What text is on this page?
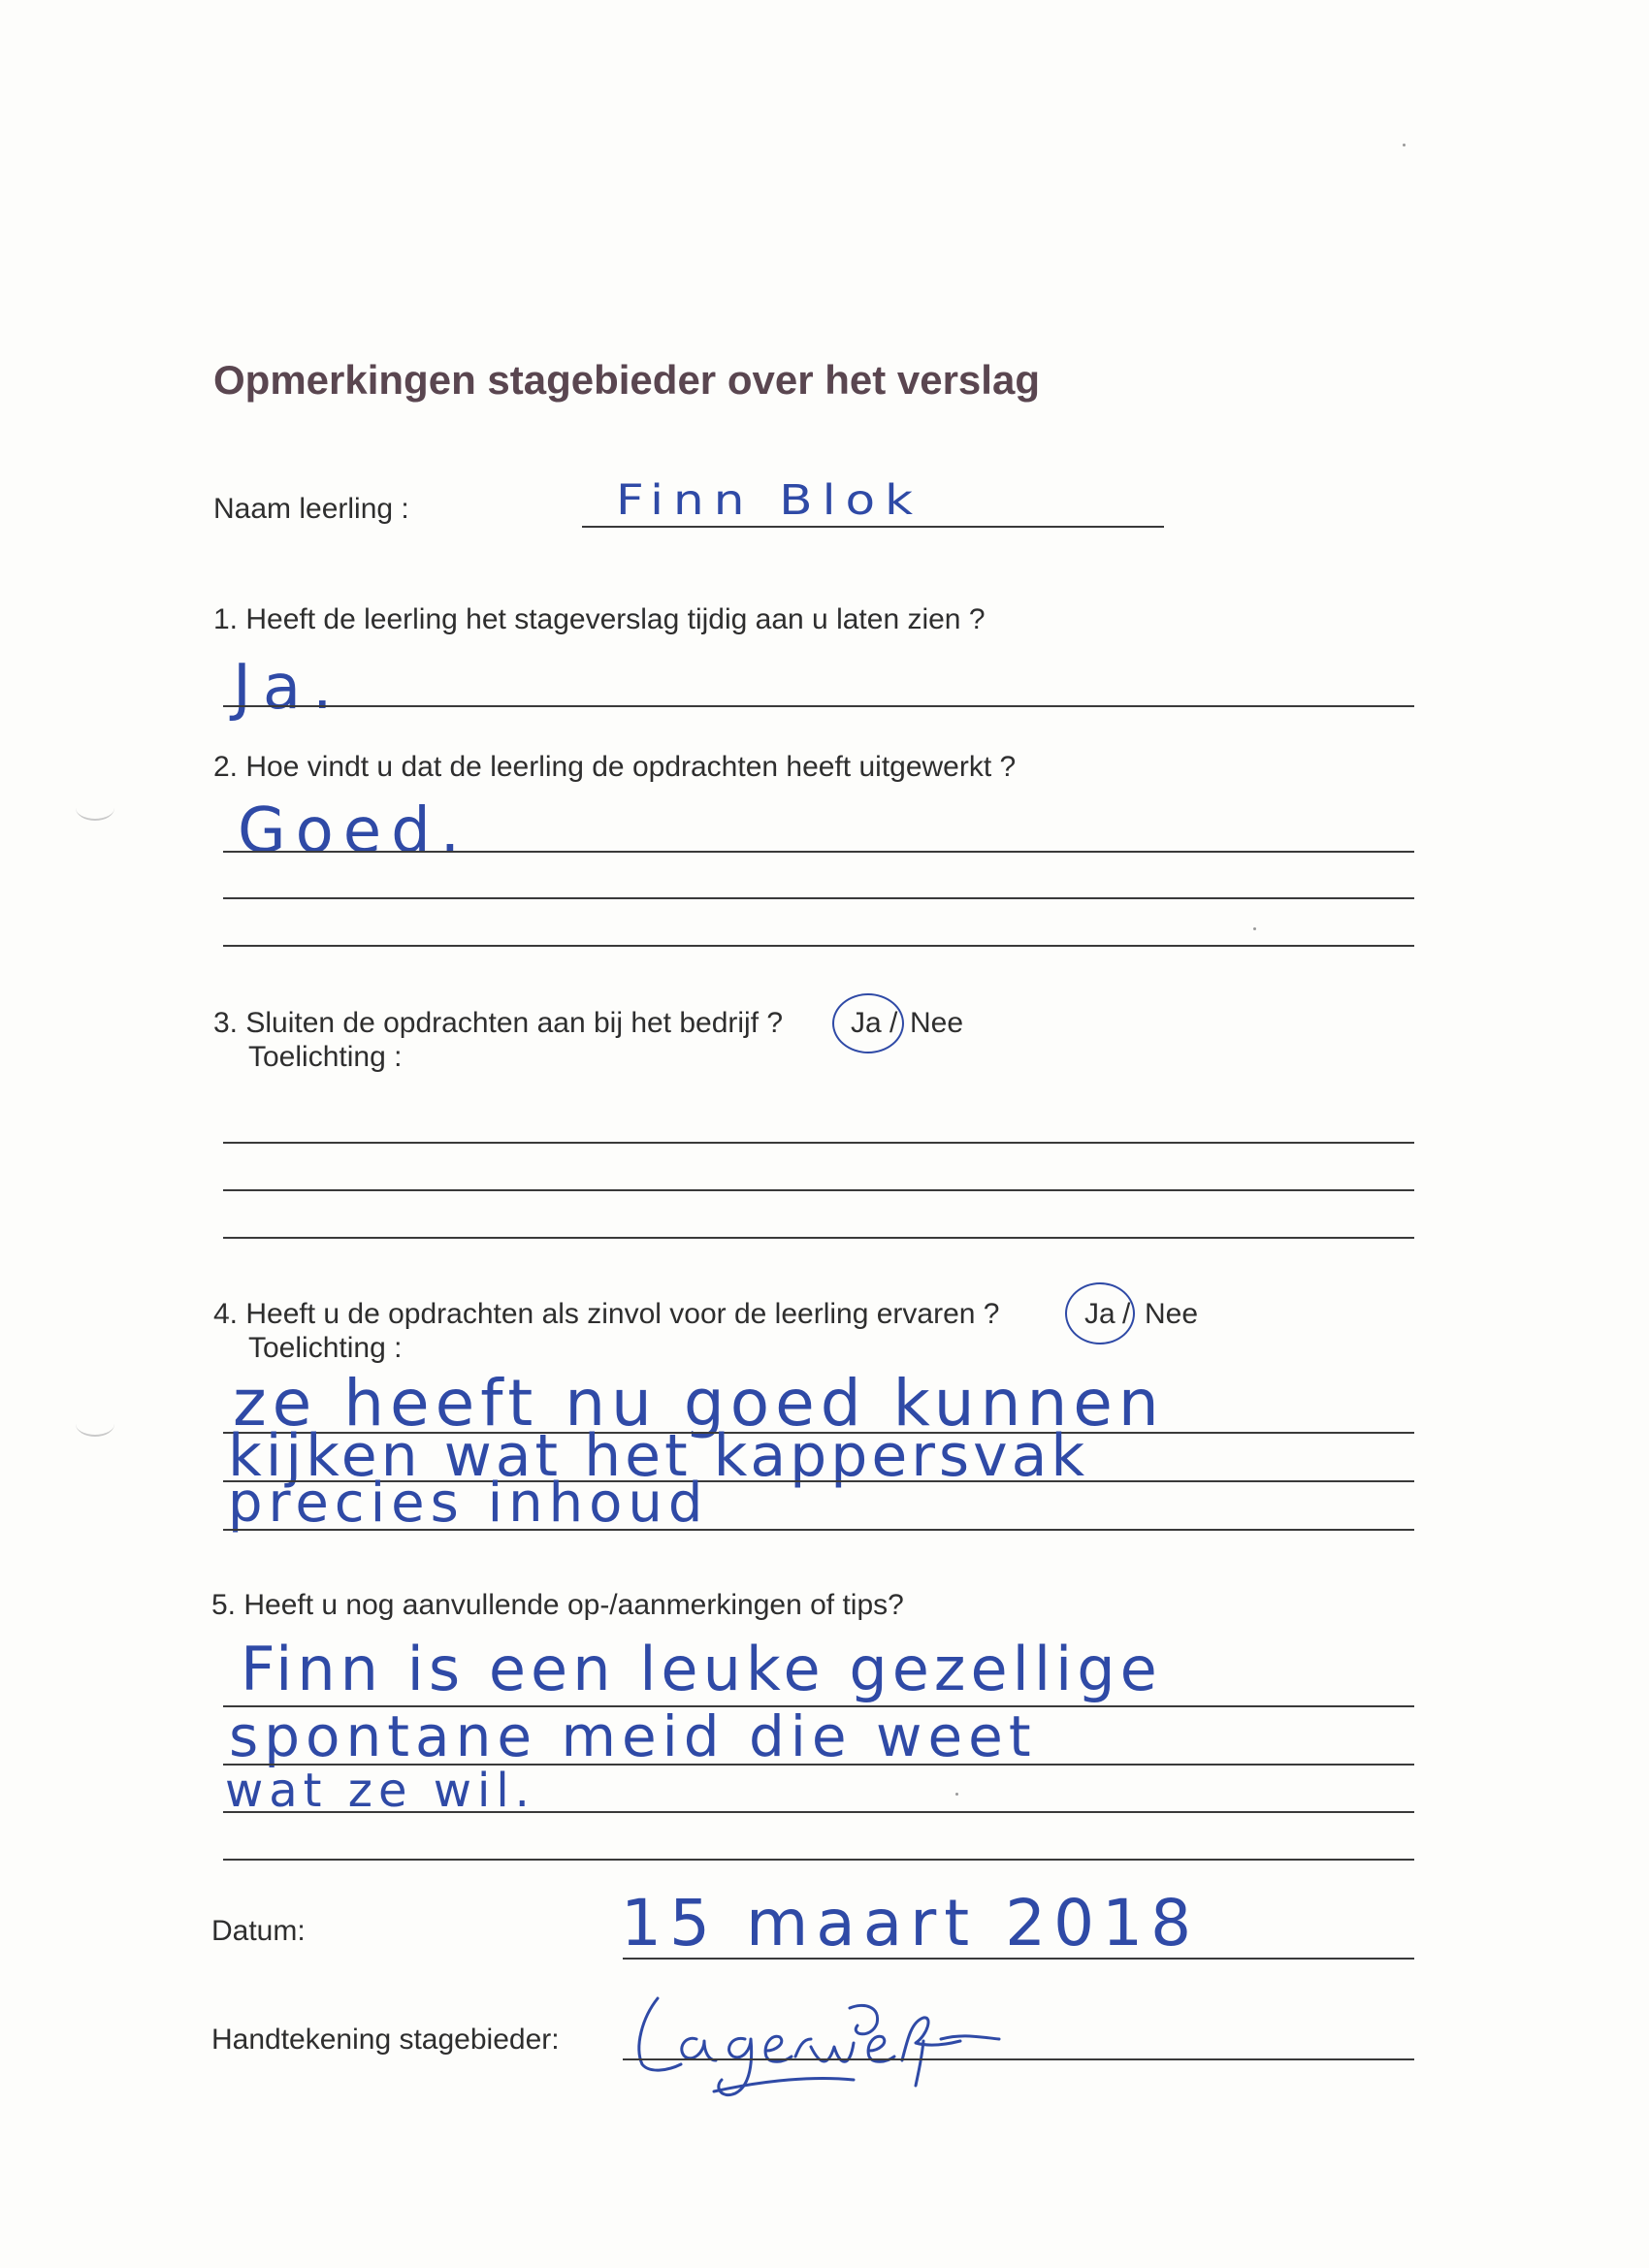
Opmerkingen stagebieder over het verslag
Naam leerling :	Finn Blok
1. Heeft de leerling het stageverslag tijdig aan u laten zien ?
Ja.
2. Hoe vindt u dat de leerling de opdrachten heeft uitgewerkt ?
Goed.
3. Sluiten de opdrachten aan bij het bedrijf ? Ja / Nee
Toelichting :
4. Heeft u de opdrachten als zinvol voor de leerling ervaren ?	Ja / Nee
Toelichting :
ze heeft nu goed kunnen
kijken wat het kappersvak
precies inhoud
5. Heeft u nog aanvullende op-/aanmerkingen of tips?
Finn is een leuke gezellige
spontane meid die weet
wat ze wil.
Datum:	15 maart 2018
Handtekening stagebieder:
